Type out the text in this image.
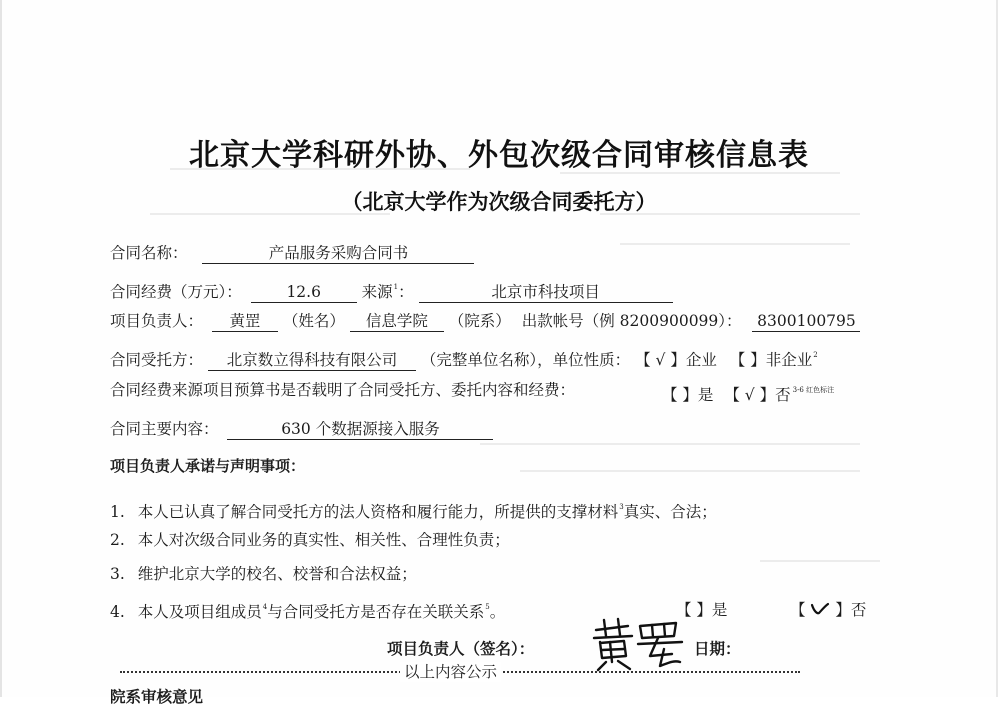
北京大学科研外协、外包次级合同审核信息表
（北京大学作为次级合同委托方）
合同名称：	产品服务采购合同书
合同经费（万元）：	12.6	来源$^1$：	北京市科技项目
项目负责人： 黄罡 （姓名） 信息学院 （院系） 出款帐号（例 8200900099）： 8300100795
合同受托方： 北京数立得科技有限公司 （完整单位名称），单位性质： 【 √ 】企业 【 】非企业$^2$
合同经费来源项目预算书是否载明了合同受托方、委托内容和经费：	【 】是 【 √ 】否 $^{3-6 红色标注}$
合同主要内容：	630 个数据源接入服务
项目负责人承诺与声明事项：
1. 本人已认真了解合同受托方的法人资格和履行能力，所提供的支撑材料$^3$真实、合法；
2. 本人对次级合同业务的真实性、相关性、合理性负责；
3. 维护北京大学的校名、校誉和合法权益；
4. 本人及项目组成员$^4$与合同受托方是否存在关联关系$^5$。	【 】是	【 】否
项目负责人（签名）：	日期：
以上内容公示
院系审核意见
